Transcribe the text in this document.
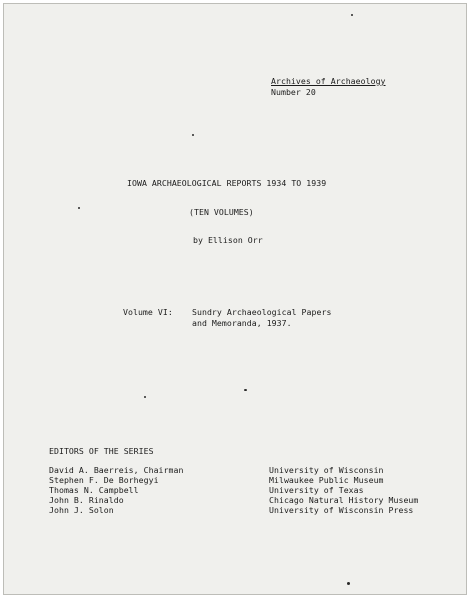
Archives of Archaeology
Number 20
IOWA ARCHAEOLOGICAL REPORTS 1934 TO 1939
(TEN VOLUMES)
by Ellison Orr
Volume VI: Sundry Archaeological Papers
and Memoranda, 1937.
EDITORS OF THE SERIES
David A. Baerreis, Chairman
Stephen F. De Borhegyi
Thomas N. Campbell
John B. Rinaldo
John J. Solon
University of Wisconsin
Milwaukee Public Museum
University of Texas
Chicago Natural History Museum
University of Wisconsin Press
